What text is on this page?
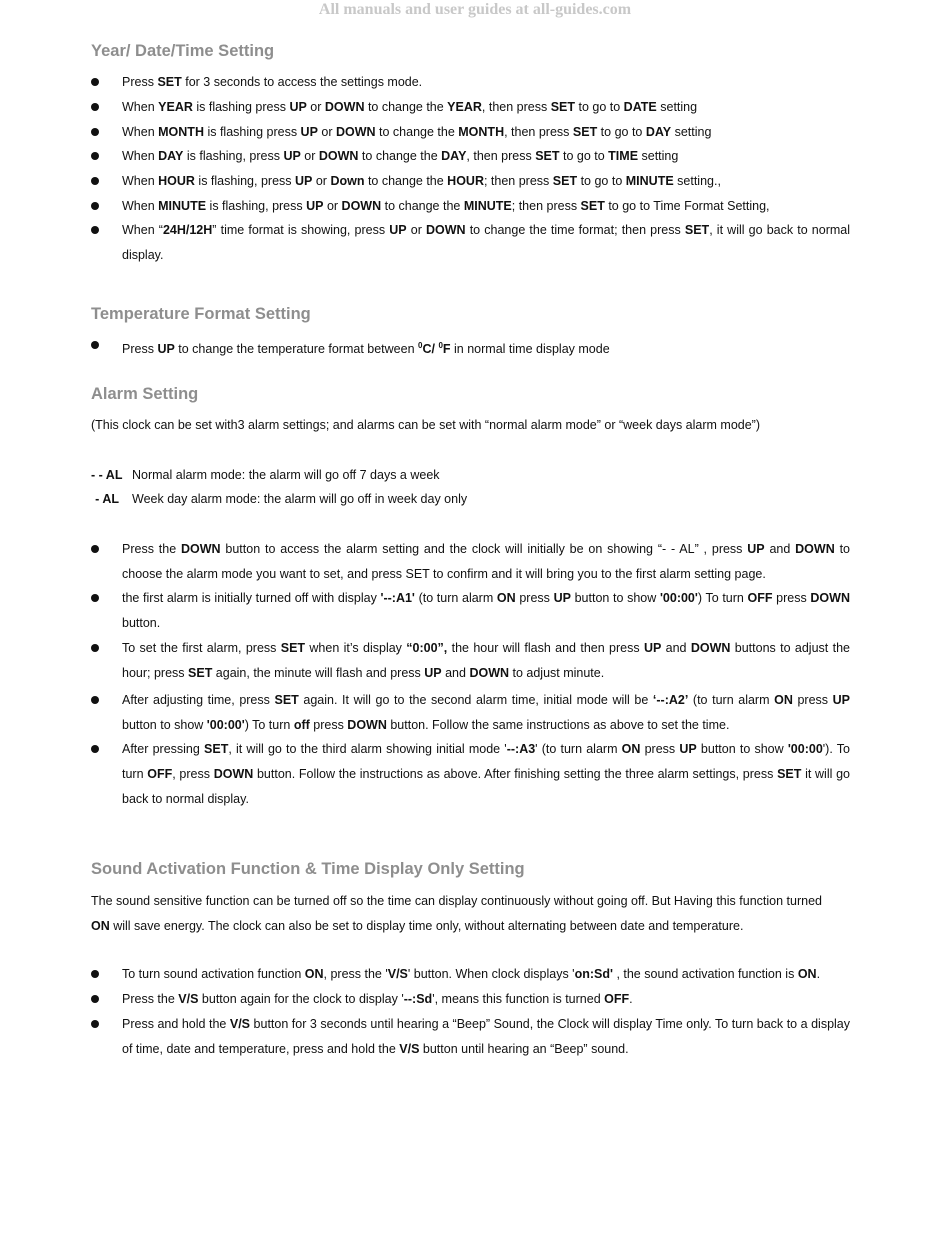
All manuals and user guides at all-guides.com
Year/ Date/Time Setting
Press SET for 3 seconds to access the settings mode.
When YEAR is flashing press UP or DOWN to change the YEAR, then press SET to go to DATE setting
When MONTH is flashing press UP or DOWN to change the MONTH, then press SET to go to DAY setting
When DAY is flashing, press UP or DOWN to change the DAY, then press SET to go to TIME setting
When HOUR is flashing, press UP or Down to change the HOUR; then press SET to go to MINUTE setting.,
When MINUTE is flashing, press UP or DOWN to change the MINUTE; then press SET to go to Time Format Setting,
When “24H/12H” time format is showing, press UP or DOWN to change the time format; then press SET, it will go back to normal display.
Temperature Format Setting
Press UP to change the temperature format between $^0$C/ $^0$F in normal time display mode
Alarm Setting
(This clock can be set with3 alarm settings; and alarms can be set with “normal alarm mode” or “week days alarm mode”)
- - AL Normal alarm mode: the alarm will go off 7 days a week
- AL Week day alarm mode: the alarm will go off in week day only
Press the DOWN button to access the alarm setting and the clock will initially be on showing “- - AL” , press UP and DOWN to choose the alarm mode you want to set, and press SET to confirm and it will bring you to the first alarm setting page.
the first alarm is initially turned off with display '--:A1' (to turn alarm ON press UP button to show '00:00') To turn OFF press DOWN button.
To set the first alarm, press SET when it’s display “0:00”, the hour will flash and then press UP and DOWN buttons to adjust the hour; press SET again, the minute will flash and press UP and DOWN to adjust minute.
After adjusting time, press SET again. It will go to the second alarm time, initial mode will be ‘--:A2’ (to turn alarm ON press UP button to show '00:00') To turn off press DOWN button. Follow the same instructions as above to set the time.
After pressing SET, it will go to the third alarm showing initial mode '--:A3' (to turn alarm ON press UP button to show '00:00'). To turn OFF, press DOWN button. Follow the instructions as above. After finishing setting the three alarm settings, press SET it will go back to normal display.
Sound Activation Function & Time Display Only Setting
The sound sensitive function can be turned off so the time can display continuously without going off. But Having this function turned ON will save energy. The clock can also be set to display time only, without alternating between date and temperature.
To turn sound activation function ON, press the 'V/S' button. When clock displays 'on:Sd' , the sound activation function is ON.
Press the V/S button again for the clock to display '--:Sd', means this function is turned OFF.
Press and hold the V/S button for 3 seconds until hearing a “Beep” Sound, the Clock will display Time only. To turn back to a display of time, date and temperature, press and hold the V/S button until hearing an “Beep” sound.
